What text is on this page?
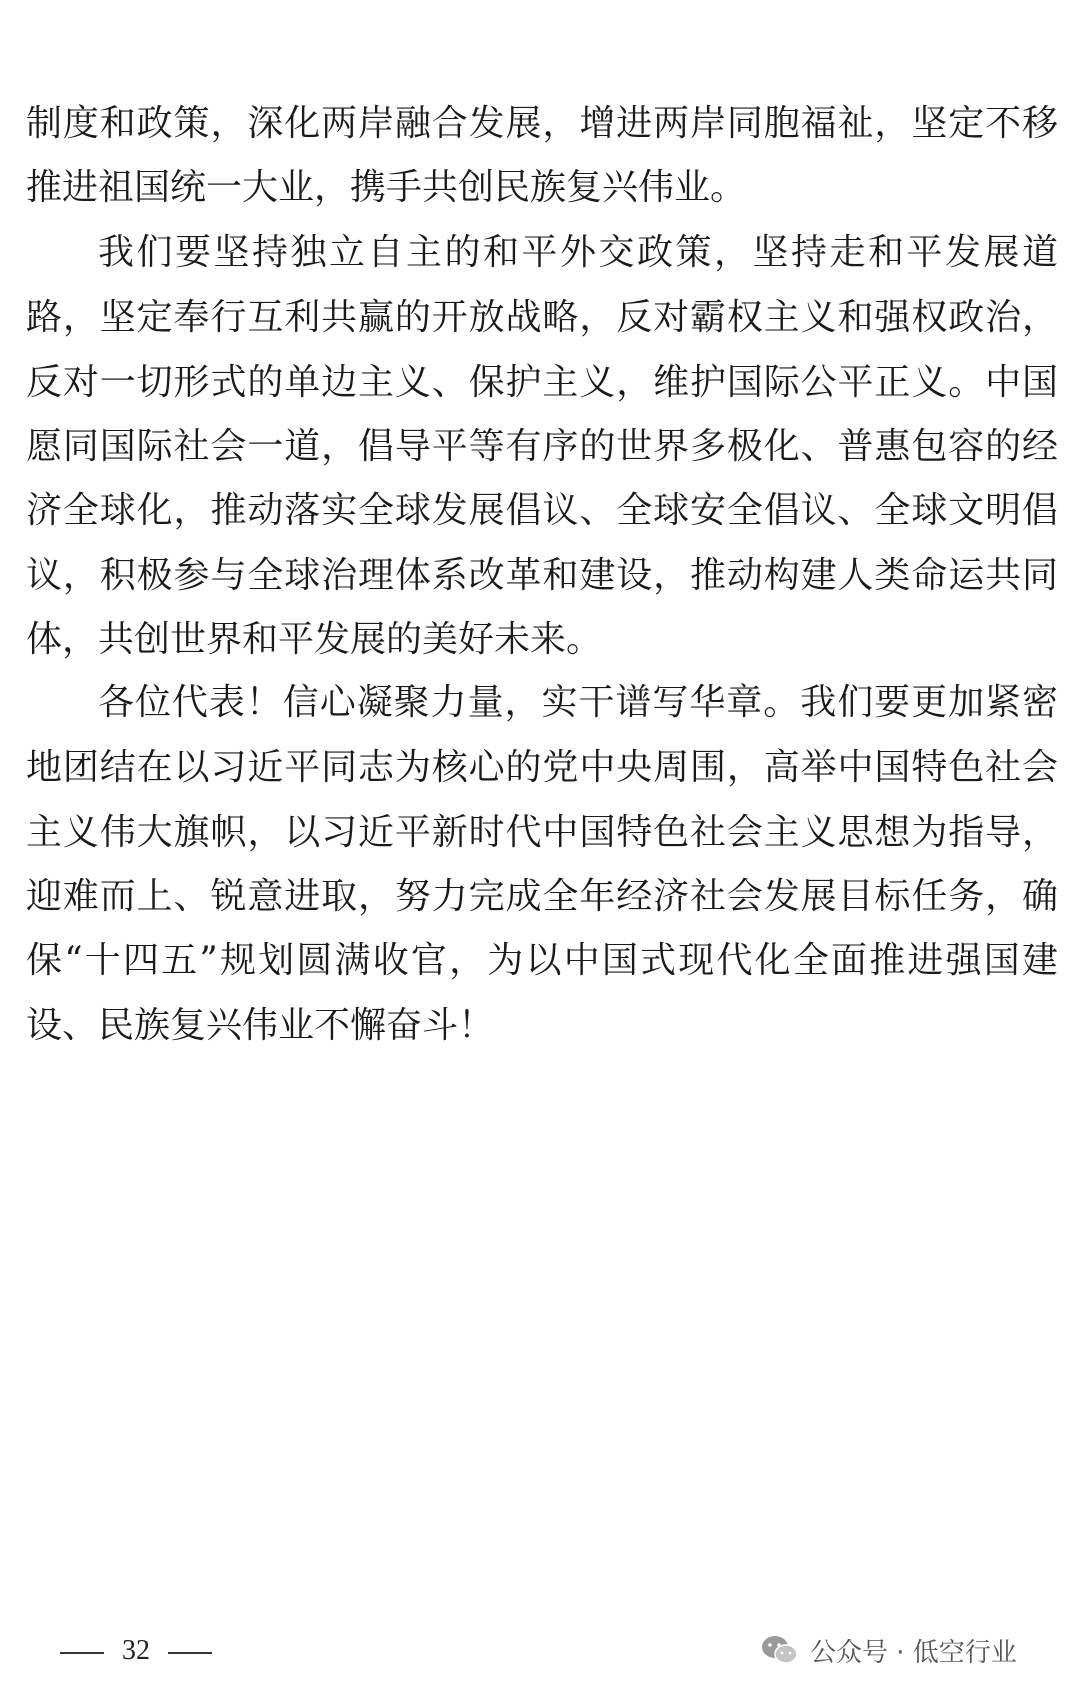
制度和政策，深化两岸融合发展，增进两岸同胞福祉，坚定不移
推进祖国统一大业，携手共创民族复兴伟业。
我们要坚持独立自主的和平外交政策，坚持走和平发展道
路，坚定奉行互利共赢的开放战略，反对霸权主义和强权政治，
反对一切形式的单边主义、保护主义，维护国际公平正义。中国
愿同国际社会一道，倡导平等有序的世界多极化、普惠包容的经
济全球化，推动落实全球发展倡议、全球安全倡议、全球文明倡
议，积极参与全球治理体系改革和建设，推动构建人类命运共同
体，共创世界和平发展的美好未来。
各位代表！信心凝聚力量，实干谱写华章。我们要更加紧密
地团结在以习近平同志为核心的党中央周围，高举中国特色社会
主义伟大旗帜，以习近平新时代中国特色社会主义思想为指导，
迎难而上、锐意进取，努力完成全年经济社会发展目标任务，确
保“十四五”规划圆满收官，为以中国式现代化全面推进强国建
设、民族复兴伟业不懈奋斗！
32	公众号 · 低空行业
